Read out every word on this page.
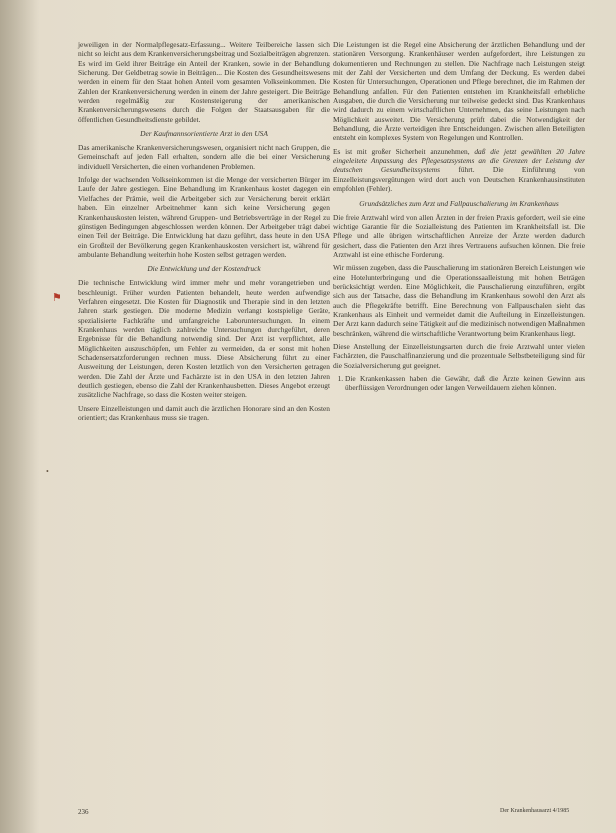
⚑
•

jeweiligen in der Normalpflegesatz-Erfassung... Weitere Teilbereiche lassen sich nicht so leicht aus dem Krankenversicherungsbeitrag und Sozialbeiträgen abgrenzen. Es wird im Geld ihrer Beiträge ein Anteil der Kranken, sowie in der Behandlung Sicherung. Der Geldbetrag sowie in Beiträgen... Die Kosten des Gesundheitswesens werden in einem für den Staat hohen Anteil vom gesamten Volkseinkommen. Die Zahlen der Krankenversicherung werden in einem der Jahre gesteigert. Die Beiträge werden regelmäßig zur Kostensteigerung der amerikanischen Krankenversicherungswesens durch die Folgen der Staatsausgaben für die öffentlichen Gesundheitsdienste gebildet.

Der Kaufmannsorientierte Arzt in den USA

Das amerikanische Krankenversicherungswesen, organisiert nicht nach Gruppen, die Gemeinschaft auf jeden Fall erhalten, sondern alle die bei einer Versicherung individuell Versicherten, die einen vorhandenen Problemen.

Infolge der wachsenden Volkseinkommen ist die Menge der versicherten Bürger im Laufe der Jahre gestiegen. Eine Behandlung im Krankenhaus kostet dagegen ein Vielfaches der Prämie, weil die Arbeitgeber sich zur Versicherung bereit erklärt haben. Ein einzelner Arbeitnehmer kann sich keine Versicherung gegen Krankenhauskosten leisten, während Gruppen- und Betriebsverträge in der Regel zu günstigen Bedingungen abgeschlossen werden können. Der Arbeitgeber trägt dabei einen Teil der Beiträge. Die Entwicklung hat dazu geführt, dass heute in den USA ein Großteil der Bevölkerung gegen Krankenhauskosten versichert ist, während für ambulante Behandlung weiterhin hohe Kosten selbst getragen werden.

Die Entwicklung und der Kostendruck

Die technische Entwicklung wird immer mehr und mehr vorangetrieben und beschleunigt. Früher wurden Patienten behandelt, heute werden aufwendige Verfahren eingesetzt. Die Kosten für Diagnostik und Therapie sind in den letzten Jahren stark gestiegen. Die moderne Medizin verlangt kostspielige Geräte, spezialisierte Fachkräfte und umfangreiche Laboruntersuchungen. In einem Krankenhaus werden täglich zahlreiche Untersuchungen durchgeführt, deren Ergebnisse für die Behandlung notwendig sind. Der Arzt ist verpflichtet, alle Möglichkeiten auszuschöpfen, um Fehler zu vermeiden, da er sonst mit hohen Schadensersatzforderungen rechnen muss. Diese Absicherung führt zu einer Ausweitung der Leistungen, deren Kosten letztlich von den Versicherten getragen werden. Die Zahl der Ärzte und Fachärzte ist in den USA in den letzten Jahren deutlich gestiegen, ebenso die Zahl der Krankenhausbetten. Dieses Angebot erzeugt zusätzliche Nachfrage, so dass die Kosten weiter steigen.

Unsere Einzelleistungen und damit auch die ärztlichen Honorare sind an den Kosten orientiert; das Krankenhaus muss sie tragen.

Die Leistungen ist die Regel eine Absicherung der ärztlichen Behandlung und der stationären Versorgung. Krankenhäuser werden aufgefordert, ihre Leistungen zu dokumentieren und Rechnungen zu stellen. Die Nachfrage nach Leistungen steigt mit der Zahl der Versicherten und dem Umfang der Deckung. Es werden dabei Kosten für Untersuchungen, Operationen und Pflege berechnet, die im Rahmen der Behandlung anfallen. Für den Patienten entstehen im Krankheitsfall erhebliche Ausgaben, die durch die Versicherung nur teilweise gedeckt sind. Das Krankenhaus wird dadurch zu einem wirtschaftlichen Unternehmen, das seine Leistungen nach Möglichkeit ausweitet. Die Versicherung prüft dabei die Notwendigkeit der Behandlung, die Ärzte verteidigen ihre Entscheidungen. Zwischen allen Beteiligten entsteht ein komplexes System von Regelungen und Kontrollen.

Es ist mit großer Sicherheit anzunehmen, daß die jetzt gewählten 20 Jahre eingeleitete Anpassung des Pflegesatzsystems an die Grenzen der Leistung der deutschen Gesundheitssystems führt. Die Einführung von Einzelleistungsvergütungen wird dort auch von Deutschen Krankenhausinstituten empfohlen (Fehler).

Grundsätzliches zum Arzt und Fallpauschalierung im Krankenhaus

Die freie Arztwahl wird von allen Ärzten in der freien Praxis gefordert, weil sie eine wichtige Garantie für die Sozialleistung des Patienten im Krankheitsfall ist. Die Pflege und alle übrigen wirtschaftlichen Anreize der Ärzte werden dadurch gesichert, dass die Patienten den Arzt ihres Vertrauens aufsuchen können. Die freie Arztwahl ist eine ethische Forderung.

Wir müssen zugeben, dass die Pauschalierung im stationären Bereich Leistungen wie eine Hotelunterbringung und die Operationssaalleistung mit hohen Beträgen berücksichtigt werden. Eine Möglichkeit, die Pauschalierung einzuführen, ergibt sich aus der Tatsache, dass die Behandlung im Krankenhaus sowohl den Arzt als auch die Pflegekräfte betrifft. Eine Berechnung von Fallpauschalen sieht das Krankenhaus als Einheit und vermeidet damit die Aufteilung in Einzelleistungen. Der Arzt kann dadurch seine Tätigkeit auf die medizinisch notwendigen Maßnahmen beschränken, während die wirtschaftliche Verantwortung beim Krankenhaus liegt.

Diese Anstellung der Einzelleistungsarten durch die freie Arztwahl unter vielen Fachärzten, die Pauschalfinanzierung und die prozentuale Selbstbeteiligung sind für die Sozialversicherung gut geeignet.

1. Die Krankenkassen haben die Gewähr, daß die Ärzte keinen Gewinn aus überflüssigen Verordnungen oder langen Verweildauern ziehen können.
236	Der Krankenhausarzt 4/1985
